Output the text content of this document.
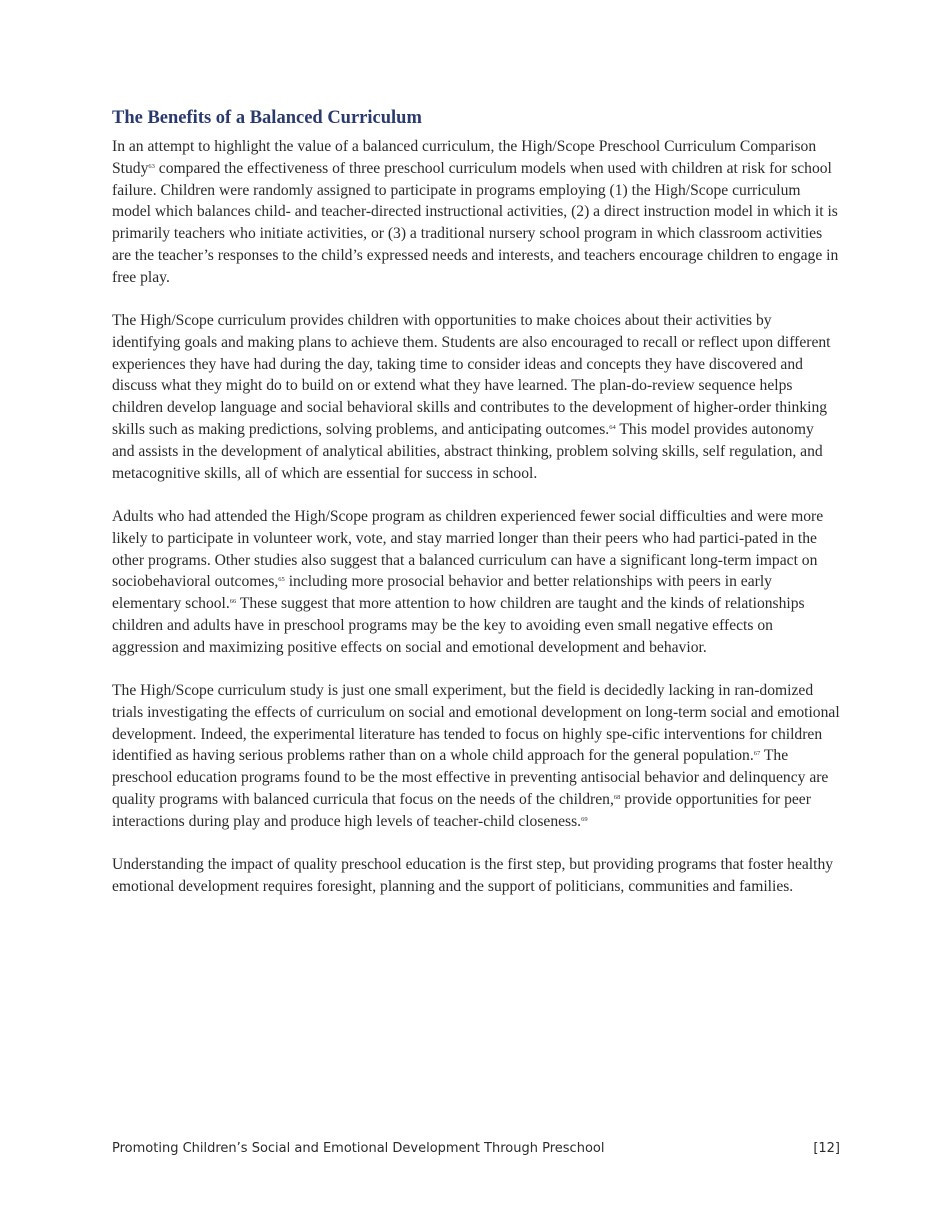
The Benefits of a Balanced Curriculum

In an attempt to highlight the value of a balanced curriculum, the High/Scope Preschool Curriculum Comparison Study$^{63}$ compared the effectiveness of three preschool curriculum models when used with children at risk for school failure. Children were randomly assigned to participate in programs employing (1) the High/Scope curriculum model which balances child- and teacher-directed instructional activities, (2) a direct instruction model in which it is primarily teachers who initiate activities, or (3) a traditional nursery school program in which classroom activities are the teacher’s responses to the child’s expressed needs and interests, and teachers encourage children to engage in free play.

The High/Scope curriculum provides children with opportunities to make choices about their activities by identifying goals and making plans to achieve them. Students are also encouraged to recall or reflect upon different experiences they have had during the day, taking time to consider ideas and concepts they have discovered and discuss what they might do to build on or extend what they have learned. The plan-do-review sequence helps children develop language and social behavioral skills and contributes to the development of higher-order thinking skills such as making predictions, solving problems, and anticipating outcomes.$^{64}$ This model provides autonomy and assists in the development of analytical abilities, abstract thinking, problem solving skills, self regulation, and metacognitive skills, all of which are essential for success in school.

Adults who had attended the High/Scope program as children experienced fewer social difficulties and were more likely to participate in volunteer work, vote, and stay married longer than their peers who had partici-pated in the other programs. Other studies also suggest that a balanced curriculum can have a significant long-term impact on sociobehavioral outcomes,$^{65}$ including more prosocial behavior and better relationships with peers in early elementary school.$^{66}$ These suggest that more attention to how children are taught and the kinds of relationships children and adults have in preschool programs may be the key to avoiding even small negative effects on aggression and maximizing positive effects on social and emotional development and behavior.

The High/Scope curriculum study is just one small experiment, but the field is decidedly lacking in ran-domized trials investigating the effects of curriculum on social and emotional development on long-term social and emotional development. Indeed, the experimental literature has tended to focus on highly spe-cific interventions for children identified as having serious problems rather than on a whole child approach for the general population.$^{67}$ The preschool education programs found to be the most effective in preventing antisocial behavior and delinquency are quality programs with balanced curricula that focus on the needs of the children,$^{68}$ provide opportunities for peer interactions during play and produce high levels of teacher-child closeness.$^{69}$

Understanding the impact of quality preschool education is the first step, but providing programs that foster healthy emotional development requires foresight, planning and the support of politicians, communities and families.

Promoting Children’s Social and Emotional Development Through Preschool	[12]
